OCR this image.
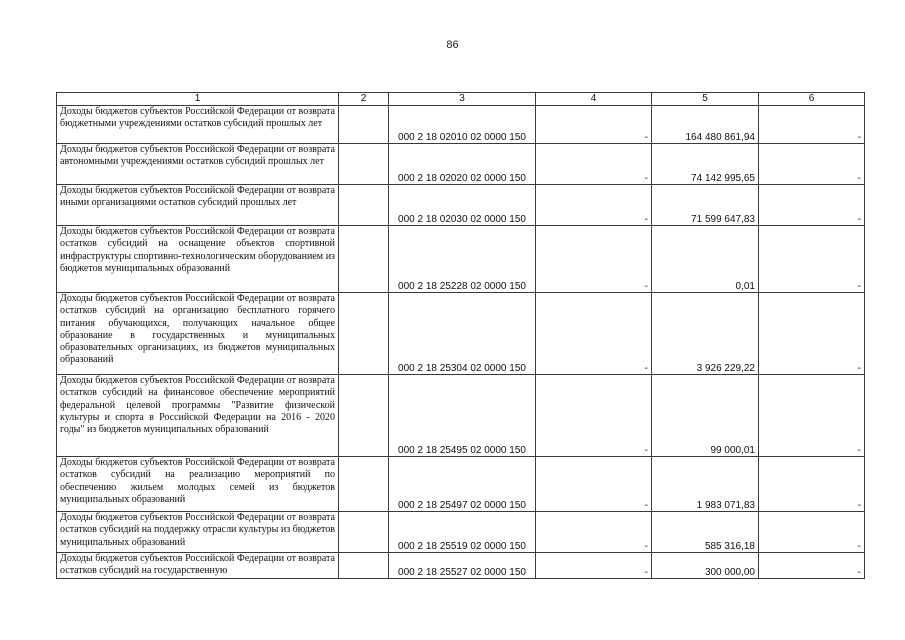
86
1	2	3	4	5	6
Доходы бюджетов субъектов Российской Федерации от возврата бюджетными учреждениями остатков субсидий прошлых лет		000 2 18 02010 02 0000 150	-	164 480 861,94	-
Доходы бюджетов субъектов Российской Федерации от возврата автономными учреждениями остатков субсидий прошлых лет		000 2 18 02020 02 0000 150	-	74 142 995,65	-
Доходы бюджетов субъектов Российской Федерации от возврата иными организациями остатков субсидий прошлых лет		000 2 18 02030 02 0000 150	-	71 599 647,83	-
Доходы бюджетов субъектов Российской Федерации от возврата остатков субсидий на оснащение объектов спортивной инфраструктуры спортивно-технологическим оборудованием из бюджетов муниципальных образований		000 2 18 25228 02 0000 150	-	0,01	-
Доходы бюджетов субъектов Российской Федерации от возврата остатков субсидий на организацию бесплатного горячего питания обучающихся, получающих начальное общее образование в государственных и муниципальных образовательных организациях, из бюджетов муниципальных образований		000 2 18 25304 02 0000 150	-	3 926 229,22	-
Доходы бюджетов субъектов Российской Федерации от возврата остатков субсидий на финансовое обеспечение мероприятий федеральной целевой программы "Развитие физической культуры и спорта в Российской Федерации на 2016 - 2020 годы" из бюджетов муниципальных образований		000 2 18 25495 02 0000 150	-	99 000,01	-
Доходы бюджетов субъектов Российской Федерации от возврата остатков субсидий на реализацию мероприятий по обеспечению жильем молодых семей из бюджетов муниципальных образований		000 2 18 25497 02 0000 150	-	1 983 071,83	-
Доходы бюджетов субъектов Российской Федерации от возврата остатков субсидий на поддержку отрасли культуры из бюджетов муниципальных образований		000 2 18 25519 02 0000 150	-	585 316,18	-
Доходы бюджетов субъектов Российской Федерации от возврата остатков субсидий на государственную		000 2 18 25527 02 0000 150	-	300 000,00	-
